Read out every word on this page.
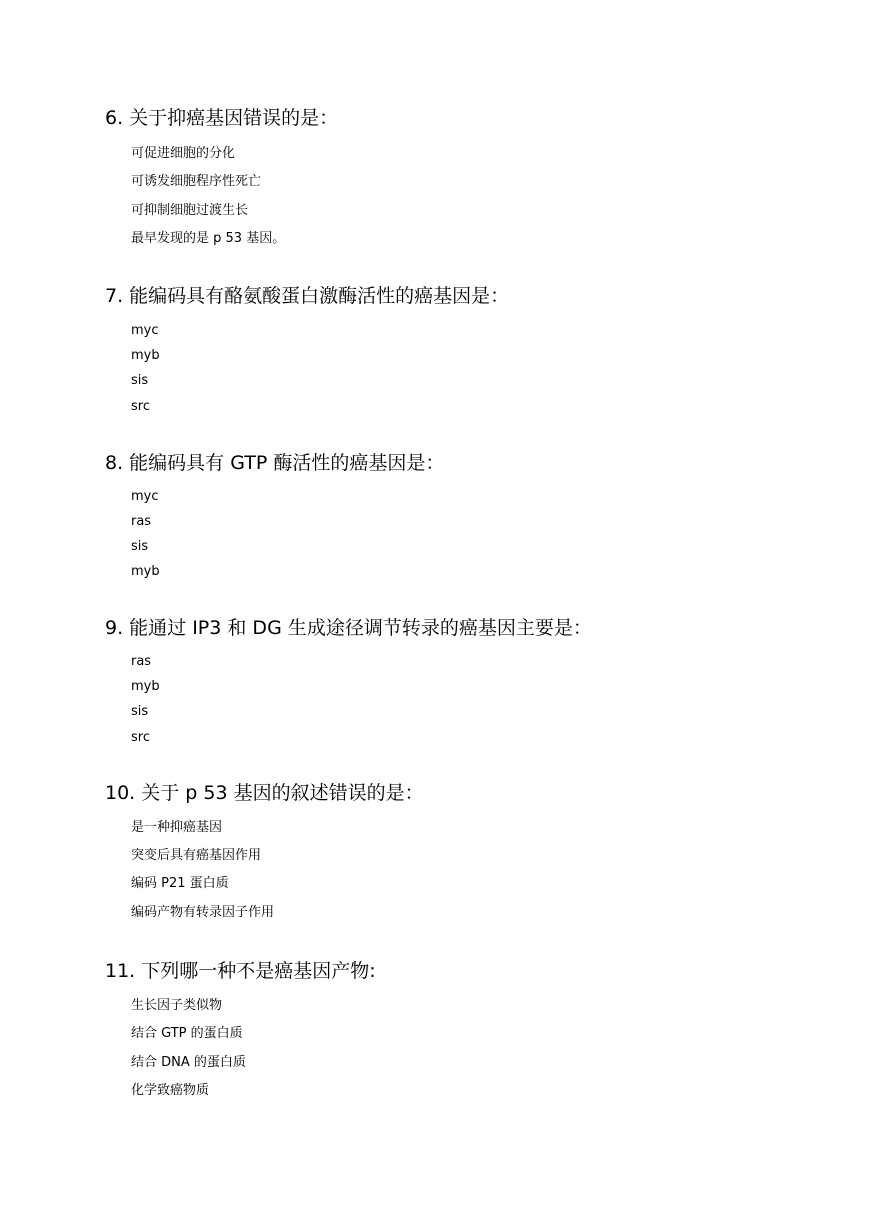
6. 关于抑癌基因错误的是：
可促进细胞的分化
可诱发细胞程序性死亡
可抑制细胞过渡生长
最早发现的是 p 53 基因。
7. 能编码具有酪氨酸蛋白激酶活性的癌基因是：
myc
myb
sis
src
8. 能编码具有 GTP 酶活性的癌基因是：
myc
ras
sis
myb
9. 能通过 IP3 和 DG 生成途径调节转录的癌基因主要是：
ras
myb
sis
src
10. 关于 p 53 基因的叙述错误的是：
是一种抑癌基因
突变后具有癌基因作用
编码 P21 蛋白质
编码产物有转录因子作用
11. 下列哪一种不是癌基因产物:
生长因子类似物
结合 GTP 的蛋白质
结合 DNA 的蛋白质
化学致癌物质
